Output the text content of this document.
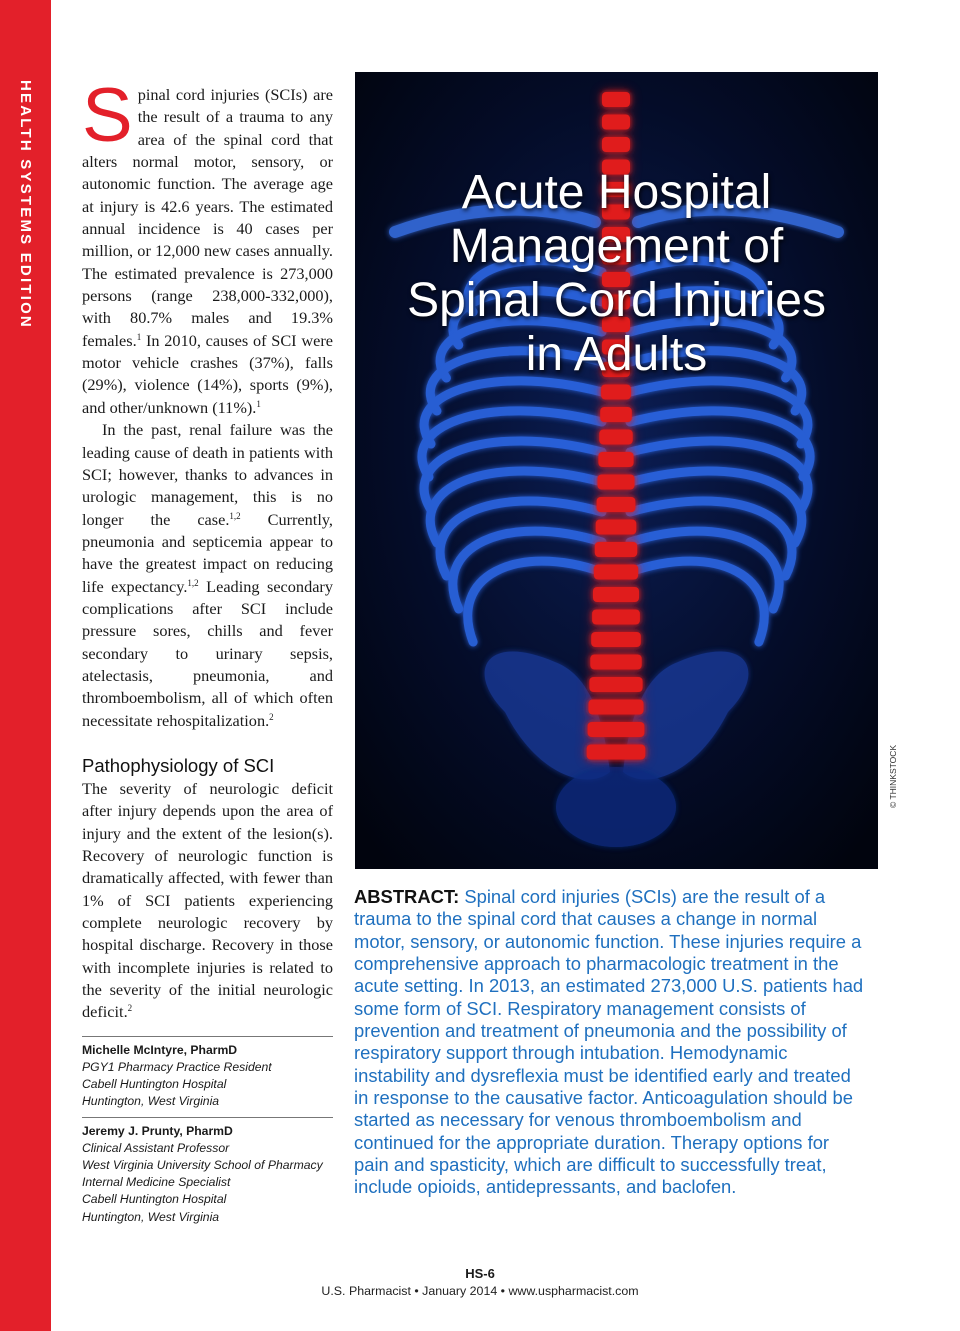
HEALTH SYSTEMS EDITION Spinal cord injuries (SCIs) are the result of a trauma to any area of the spinal cord that alters normal motor, sensory, or autonomic function. The average age at injury is 42.6 years. The estimated annual incidence is 40 cases per million, or 12,000 new cases annually. The estimated prevalence is 273,000 persons (range 238,000-332,000), with 80.7% males and 19.3% females.$^1$ In 2010, causes of SCI were motor vehicle crashes (37%), falls (29%), violence (14%), sports (9%), and other/unknown (11%).$^1$

In the past, renal failure was the leading cause of death in patients with SCI; however, thanks to advances in urologic management, this is no longer the case.$^{1,2}$ Currently, pneumonia and septicemia appear to have the greatest impact on reducing life expectancy.$^{1,2}$ Leading secondary complications after SCI include pressure sores, chills and fever secondary to urinary sepsis, atelectasis, pneumonia, and thromboembolism, all of which often necessitate rehospitalization.$^2$

Pathophysiology of SCI

The severity of neurologic deficit after injury depends upon the area of injury and the extent of the lesion(s). Recovery of neurologic function is dramatically affected, with fewer than 1% of SCI patients experiencing complete neurologic recovery by hospital discharge. Recovery in those with incomplete injuries is related to the severity of the initial neurologic deficit.$^2$

Michelle McIntyre, PharmD
PGY1 Pharmacy Practice Resident
Cabell Huntington Hospital
Huntington, West Virginia
Jeremy J. Prunty, PharmD
Clinical Assistant Professor
West Virginia University School of Pharmacy
Internal Medicine Specialist
Cabell Huntington Hospital
Huntington, West Virginia
Acute Hospital
Management of
Spinal Cord Injuries
in Adults
© THINKSTOCK

ABSTRACT: Spinal cord injuries (SCIs) are the result of a trauma to the spinal cord that causes a change in normal motor, sensory, or autonomic function. These injuries require a comprehensive approach to pharmacologic treatment in the acute setting. In 2013, an estimated 273,000 U.S. patients had some form of SCI. Respiratory management consists of prevention and treatment of pneumonia and the possibility of respiratory support through intubation. Hemodynamic instability and dysreflexia must be identified early and treated in response to the causative factor. Anticoagulation should be started as necessary for venous thromboembolism and continued for the appropriate duration. Therapy options for pain and spasticity, which are difficult to successfully treat, include opioids, antidepressants, and baclofen.

HS-6

U.S. Pharmacist • January 2014 • www.uspharmacist.com
